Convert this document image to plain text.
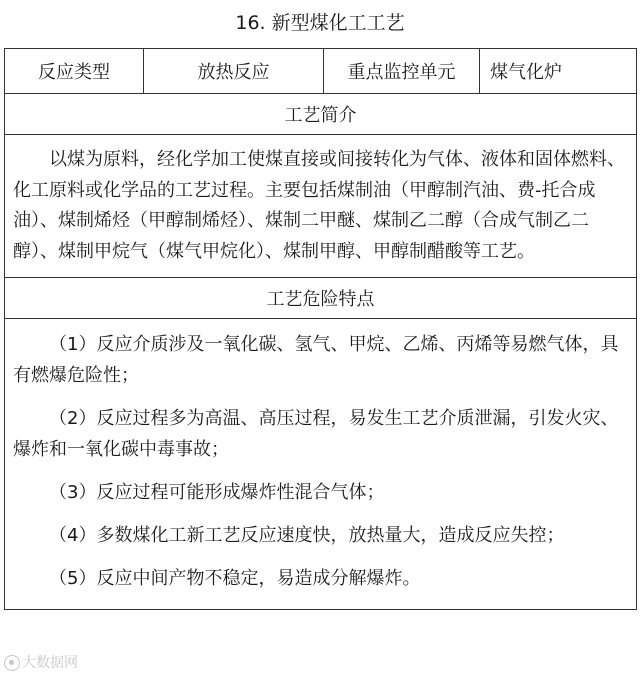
16. 新型煤化工工艺
反应类型	放热反应	重点监控单元	煤气化炉
工艺简介
以煤为原料，经化学加工使煤直接或间接转化为气体、液体和固体燃料、化工原料或化学品的工艺过程。主要包括煤制油（甲醇制汽油、费-托合成油）、煤制烯烃（甲醇制烯烃）、煤制二甲醚、煤制乙二醇（合成气制乙二醇）、煤制甲烷气（煤气甲烷化）、煤制甲醇、甲醇制醋酸等工艺。
工艺危险特点

（1）反应介质涉及一氧化碳、氢气、甲烷、乙烯、丙烯等易燃气体，具有燃爆危险性；

（2）反应过程多为高温、高压过程，易发生工艺介质泄漏，引发火灾、爆炸和一氧化碳中毒事故；

（3）反应过程可能形成爆炸性混合气体；

（4）多数煤化工新工艺反应速度快，放热量大，造成反应失控；

（5）反应中间产物不稳定，易造成分解爆炸。

大数据网
